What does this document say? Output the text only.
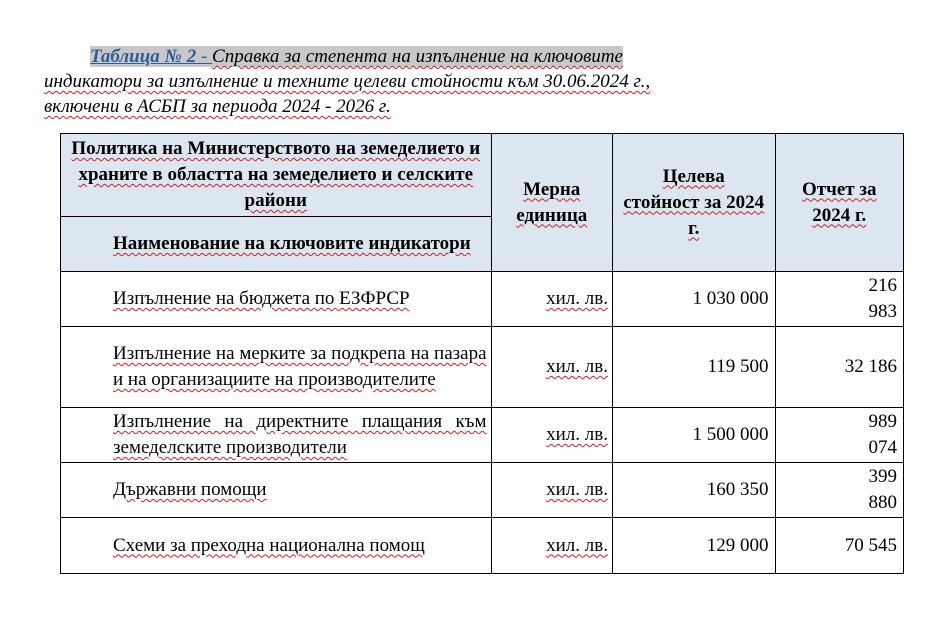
Таблица № 2 - Справка за степента на изпълнение на ключовите
индикатори за изпълнение и техните целеви стойности към 30.06.2024 г.,
включени в АСБП за периода 2024 - 2026 г.
Политика на Министерството на земеделието и храните в областта на земеделието и селските райони	Мерна единица	Целева стойност за 2024 г.	Отчет за 2024 г.
Наименование на ключовите индикатори			
Изпълнение на бюджета по ЕЗФРСР	хил. лв.	1 030 000	216 983
Изпълнение на мерките за подкрепа на пазара и на организациите на производителите	хил. лв.	119 500	32 186
Изпълнение на директните плащания към земеделските производители	хил. лв.	1 500 000	989 074
Държавни помощи	хил. лв.	160 350	399 880
Схеми за преходна национална помощ	хил. лв.	129 000	70 545
